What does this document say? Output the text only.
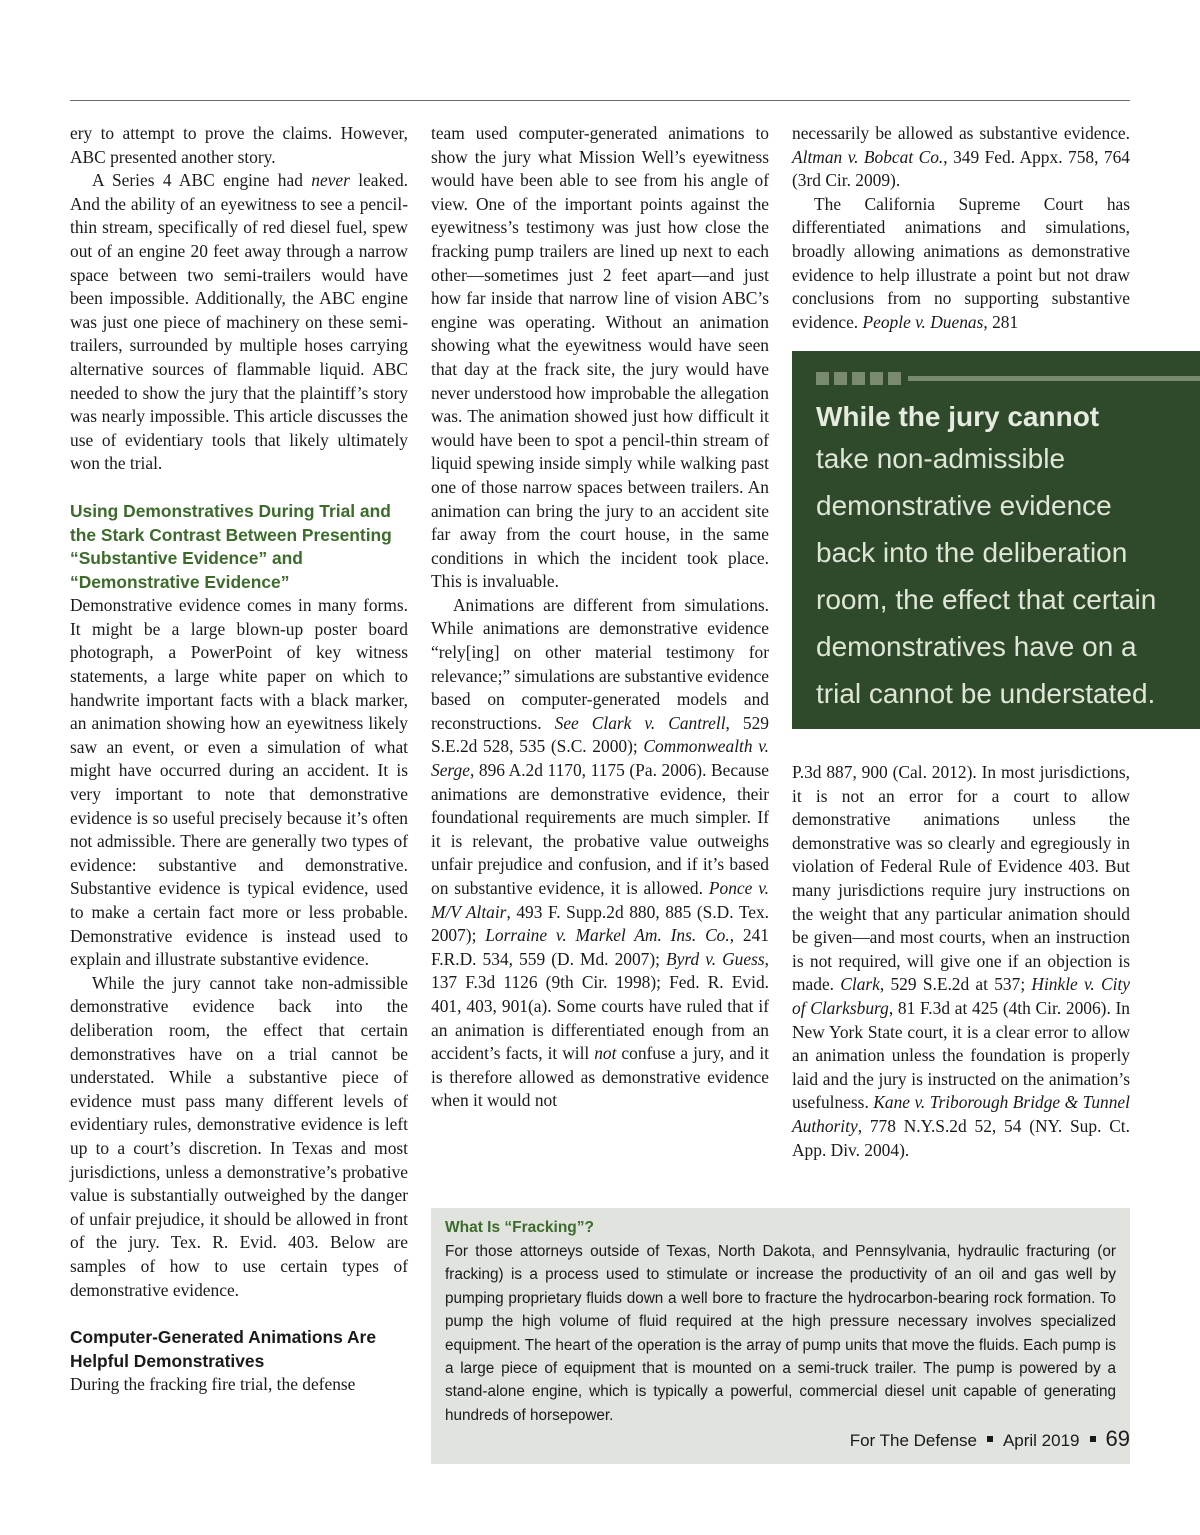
ery to attempt to prove the claims. However, ABC presented another story.

A Series 4 ABC engine had never leaked. And the ability of an eyewitness to see a pencil-thin stream, specifically of red diesel fuel, spew out of an engine 20 feet away through a narrow space between two semi-trailers would have been impossible. Additionally, the ABC engine was just one piece of machinery on these semi-trailers, surrounded by multiple hoses carrying alternative sources of flammable liquid. ABC needed to show the jury that the plaintiff’s story was nearly impossible. This article discusses the use of evidentiary tools that likely ultimately won the trial.

Using Demonstratives During Trial and the Stark Contrast Between Presenting “Substantive Evidence” and “Demonstrative Evidence”

Demonstrative evidence comes in many forms. It might be a large blown-up poster board photograph, a PowerPoint of key witness statements, a large white paper on which to handwrite important facts with a black marker, an animation showing how an eyewitness likely saw an event, or even a simulation of what might have occurred during an accident. It is very important to note that demonstrative evidence is so useful precisely because it’s often not admissible. There are generally two types of evidence: substantive and demonstrative. Substantive evidence is typical evidence, used to make a certain fact more or less probable. Demonstrative evidence is instead used to explain and illustrate substantive evidence.

While the jury cannot take non-admissible demonstrative evidence back into the deliberation room, the effect that certain demonstratives have on a trial cannot be understated. While a substantive piece of evidence must pass many different levels of evidentiary rules, demonstrative evidence is left up to a court’s discretion. In Texas and most jurisdictions, unless a demonstrative’s probative value is substantially outweighed by the danger of unfair prejudice, it should be allowed in front of the jury. Tex. R. Evid. 403. Below are samples of how to use certain types of demonstrative evidence.

Computer-Generated Animations Are Helpful Demonstratives

During the fracking fire trial, the defense

team used computer-generated animations to show the jury what Mission Well’s eyewitness would have been able to see from his angle of view. One of the important points against the eyewitness’s testimony was just how close the fracking pump trailers are lined up next to each other—sometimes just 2 feet apart—and just how far inside that narrow line of vision ABC’s engine was operating. Without an animation showing what the eyewitness would have seen that day at the frack site, the jury would have never understood how improbable the allegation was. The animation showed just how difficult it would have been to spot a pencil-thin stream of liquid spewing inside simply while walking past one of those narrow spaces between trailers. An animation can bring the jury to an accident site far away from the court house, in the same conditions in which the incident took place. This is invaluable.

Animations are different from simulations. While animations are demonstrative evidence “rely[ing] on other material testimony for relevance;” simulations are substantive evidence based on computer-generated models and reconstructions. See Clark v. Cantrell, 529 S.E.2d 528, 535 (S.C. 2000); Commonwealth v. Serge, 896 A.2d 1170, 1175 (Pa. 2006). Because animations are demonstrative evidence, their foundational requirements are much simpler. If it is relevant, the probative value outweighs unfair prejudice and confusion, and if it’s based on substantive evidence, it is allowed. Ponce v. M/V Altair, 493 F. Supp.2d 880, 885 (S.D. Tex. 2007); Lorraine v. Markel Am. Ins. Co., 241 F.R.D. 534, 559 (D. Md. 2007); Byrd v. Guess, 137 F.3d 1126 (9th Cir. 1998); Fed. R. Evid. 401, 403, 901(a). Some courts have ruled that if an animation is differentiated enough from an accident’s facts, it will not confuse a jury, and it is therefore allowed as demonstrative evidence when it would not

necessarily be allowed as substantive evidence. Altman v. Bobcat Co., 349 Fed. Appx. 758, 764 (3rd Cir. 2009).

The California Supreme Court has differentiated animations and simulations, broadly allowing animations as demonstrative evidence to help illustrate a point but not draw conclusions from no supporting substantive evidence. People v. Duenas, 281

While the jury cannot
take non-admissible
demonstrative evidence
back into the deliberation
room, the effect that certain
demonstratives have on a
trial cannot be understated.

P.3d 887, 900 (Cal. 2012). In most jurisdictions, it is not an error for a court to allow demonstrative animations unless the demonstrative was so clearly and egregiously in violation of Federal Rule of Evidence 403. But many jurisdictions require jury instructions on the weight that any particular animation should be given—and most courts, when an instruction is not required, will give one if an objection is made. Clark, 529 S.E.2d at 537; Hinkle v. City of Clarksburg, 81 F.3d at 425 (4th Cir. 2006). In New York State court, it is a clear error to allow an animation unless the foundation is properly laid and the jury is instructed on the animation’s usefulness. Kane v. Triborough Bridge & Tunnel Authority, 778 N.Y.S.2d 52, 54 (NY. Sup. Ct. App. Div. 2004).

What Is “Fracking”?

For those attorneys outside of Texas, North Dakota, and Pennsylvania, hydraulic fracturing (or fracking) is a process used to stimulate or increase the productivity of an oil and gas well by pumping proprietary fluids down a well bore to fracture the hydrocarbon-bearing rock formation. To pump the high volume of fluid required at the high pressure necessary involves specialized equipment. The heart of the operation is the array of pump units that move the fluids. Each pump is a large piece of equipment that is mounted on a semi-truck trailer. The pump is powered by a stand-alone engine, which is typically a powerful, commercial diesel unit capable of generating hundreds of horsepower.

For The Defense April 2019 69
